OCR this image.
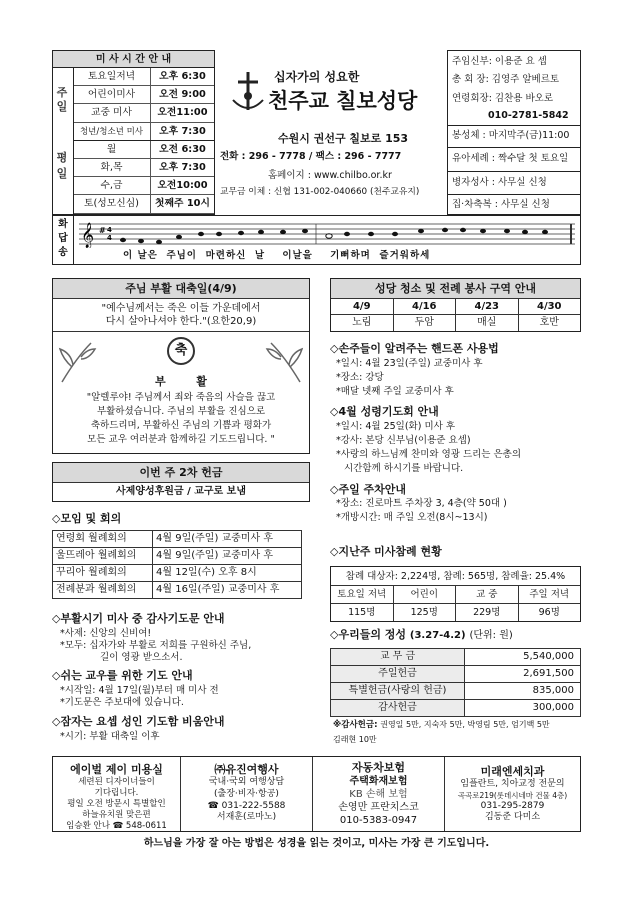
미 사 시 간 안 내
토요일저녁	오후 6:30
어린이미사	오전 9:00
교중 미사	오전11:00
청년/청소년 미사	오후 7:30
월	오전 6:30
화,목	오후 7:30
수,금	오전10:00
토(성모신심)	첫째주 10시
주
일
평
일
십자가의 성요한
천주교 칠보성당
수원시 권선구 칠보로 153
전화 : 296 - 7778 / 팩스 : 296 - 7777
홈페이지 : www.chilbo.or.kr
교무금 이체 : 신협 131-002-040660 (천주교유지)
주임신부: 이용준 요 셉
총 회 장: 김영주 알베르토
연령회장: 김찬용 바오로
010-2781-5842
봉성체 : 마지막주(금)11:00
유아세례 : 짝수달 첫 토요일
병자성사 : 사무실 신청
집·차축복 : 사무실 신청
화
답
송
𝄞 # 4
4
이 날은  주님이  마련하신  날    이날을    기뻐하며  즐거워하세
주님 부활 대축일(4/9)
"예수님께서는 죽은 이들 가운데에서
다시 살아나셔야 한다."(요한20,9)
축
부        활
"알렐루야! 주님께서 죄와 죽음의 사슬을 끊고
부활하셨습니다. 주님의 부활을 진심으로
축하드리며, 부활하신 주님의 기쁨과 평화가
모든 교우 여러분과 함께하길 기도드립니다. "
이번 주 2차 헌금
사제양성후원금 / 교구로 보냄
◇모임 및 회의
연령회 월례회의	4월 9일(주일) 교중미사 후
울뜨레아 월례회의	4월 9일(주일) 교중미사 후
꾸리아 월례회의	4월 12일(수) 오후 8시
전례분과 월례회의	4월 16일(주일) 교중미사 후
◇부활시기 미사 중 감사기도문 안내
*사제: 신앙의 신비여!
*모두: 십자가와 부활로 저희를 구원하신 주님,
길이 영광 받으소서.
◇쉬는 교우를 위한 기도 안내
*시작일: 4월 17일(월)부터 매 미사 전
*기도문은 주보대에 있습니다.
◇잠자는 요셉 성인 기도함 비움안내
*시기: 부활 대축일 이후
성당 청소 및 전례 봉사 구역 안내
4/9	4/16	4/23	4/30
노림	두암	매실	호반
◇손주들이 알려주는 핸드폰 사용법
*일시: 4월 23일(주일) 교중미사 후
*장소: 강당
*매달 넷째 주일 교중미사 후
◇4월 성령기도회 안내
*일시: 4월 25일(화) 미사 후
*강사: 본당 신부님(이용준 요셉)
*사랑의 하느님께 찬미와 영광 드리는 은총의
시간함께 하시기를 바랍니다.
◇주일 주차안내
*장소: 진로마트 주차장 3, 4층(약 50대 )
*개방시간: 매 주일 오전(8시~13시)
◇지난주 미사참례 현황
참례 대상자: 2,224명, 참례: 565명, 참례율: 25.4%
토요일 저녁	어린이	교 중	주일 저녁
115명	125명	229명	96명
◇우리들의 정성 (3.27-4.2) (단위: 원)
교 무 금	5,540,000
주일헌금	2,691,500
특별헌금(사랑의 헌금)	835,000
감사헌금	300,000
※감사헌금: 권영일 5만, 지숙자 5만, 박영림 5만, 엄기백 5만
김래현 10만
에이벌 제이 미용실
세련된 디자이너들이
기다립니다.
평일 오전 방문시 특별할인
하늘유치원 맞은편
임승환 안나 ☎ 548-0611
㈜유진여행사
국내·국외 여행상담
(출장·비자·항공)
☎ 031-222-5588
서재훈(로마노)
자동차보험
주택화재보험
KB 손해 보험
손영만 프란치스코
010-5383-0947
미래엔세치과
임플란트, 치아교정 전문의
곡곡로219(롯데시네마 건물 4층)
031-295-2879
김동준 다미소
하느님을 가장 잘 아는 방법은 성경을 읽는 것이고, 미사는 가장 큰 기도입니다.
